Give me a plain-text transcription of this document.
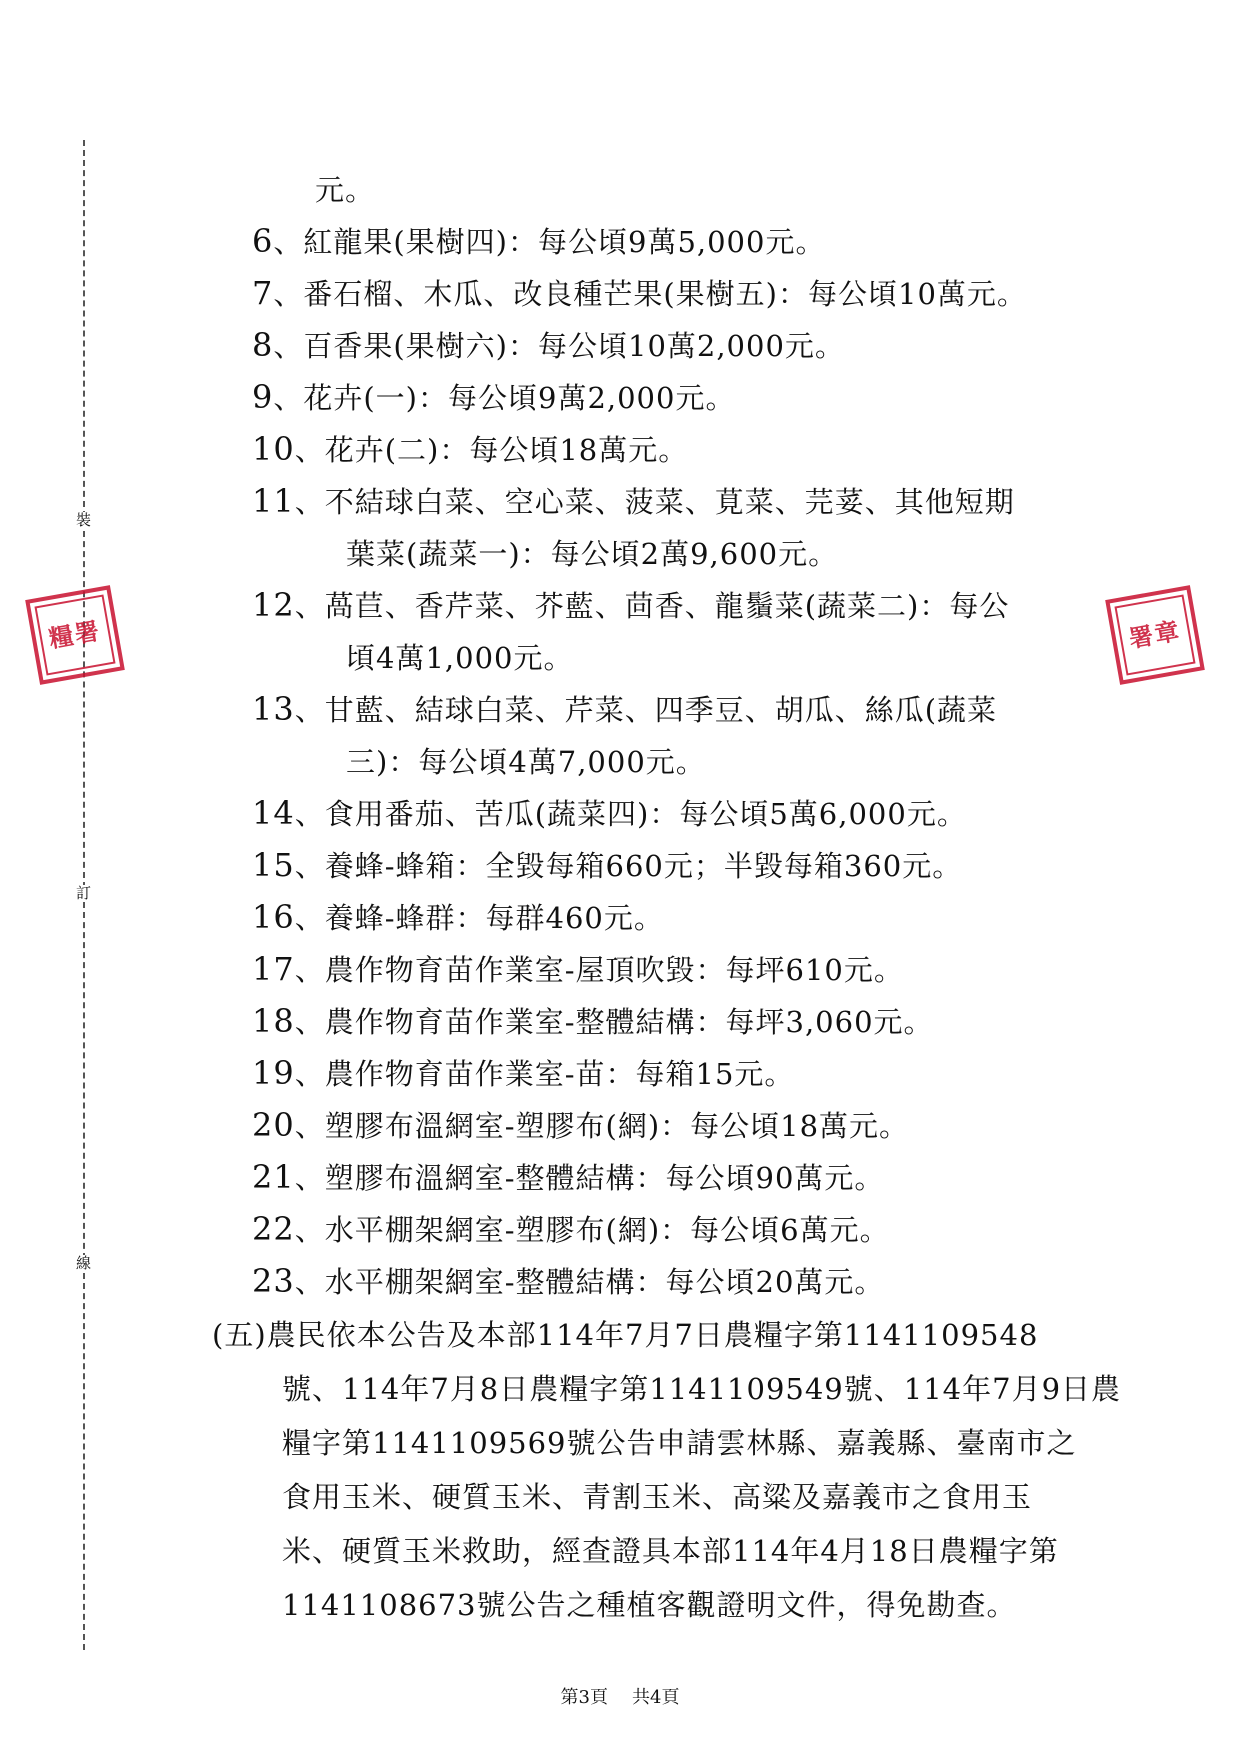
裝
訂
線
糧署	署章
元。
6、紅龍果(果樹四)：每公頃9萬5,000元。
7、番石榴、木瓜、改良種芒果(果樹五)：每公頃10萬元。
8、百香果(果樹六)：每公頃10萬2,000元。
9、花卉(一)：每公頃9萬2,000元。
10、花卉(二)：每公頃18萬元。
11、不結球白菜、空心菜、菠菜、莧菜、芫荽、其他短期
葉菜(蔬菜一)：每公頃2萬9,600元。
12、萵苣、香芹菜、芥藍、茴香、龍鬚菜(蔬菜二)：每公
頃4萬1,000元。
13、甘藍、結球白菜、芹菜、四季豆、胡瓜、絲瓜(蔬菜
三)：每公頃4萬7,000元。
14、食用番茄、苦瓜(蔬菜四)：每公頃5萬6,000元。
15、養蜂-蜂箱：全毀每箱660元；半毀每箱360元。
16、養蜂-蜂群：每群460元。
17、農作物育苗作業室-屋頂吹毀：每坪610元。
18、農作物育苗作業室-整體結構：每坪3,060元。
19、農作物育苗作業室-苗：每箱15元。
20、塑膠布溫網室-塑膠布(網)：每公頃18萬元。
21、塑膠布溫網室-整體結構：每公頃90萬元。
22、水平棚架網室-塑膠布(網)：每公頃6萬元。
23、水平棚架網室-整體結構：每公頃20萬元。
(五)農民依本公告及本部114年7月7日農糧字第1141109548
號、114年7月8日農糧字第1141109549號、114年7月9日農
糧字第1141109569號公告申請雲林縣、嘉義縣、臺南市之
食用玉米、硬質玉米、青割玉米、高粱及嘉義市之食用玉
米、硬質玉米救助，經查證具本部114年4月18日農糧字第
1141108673號公告之種植客觀證明文件，得免勘查。
第3頁 共4頁
